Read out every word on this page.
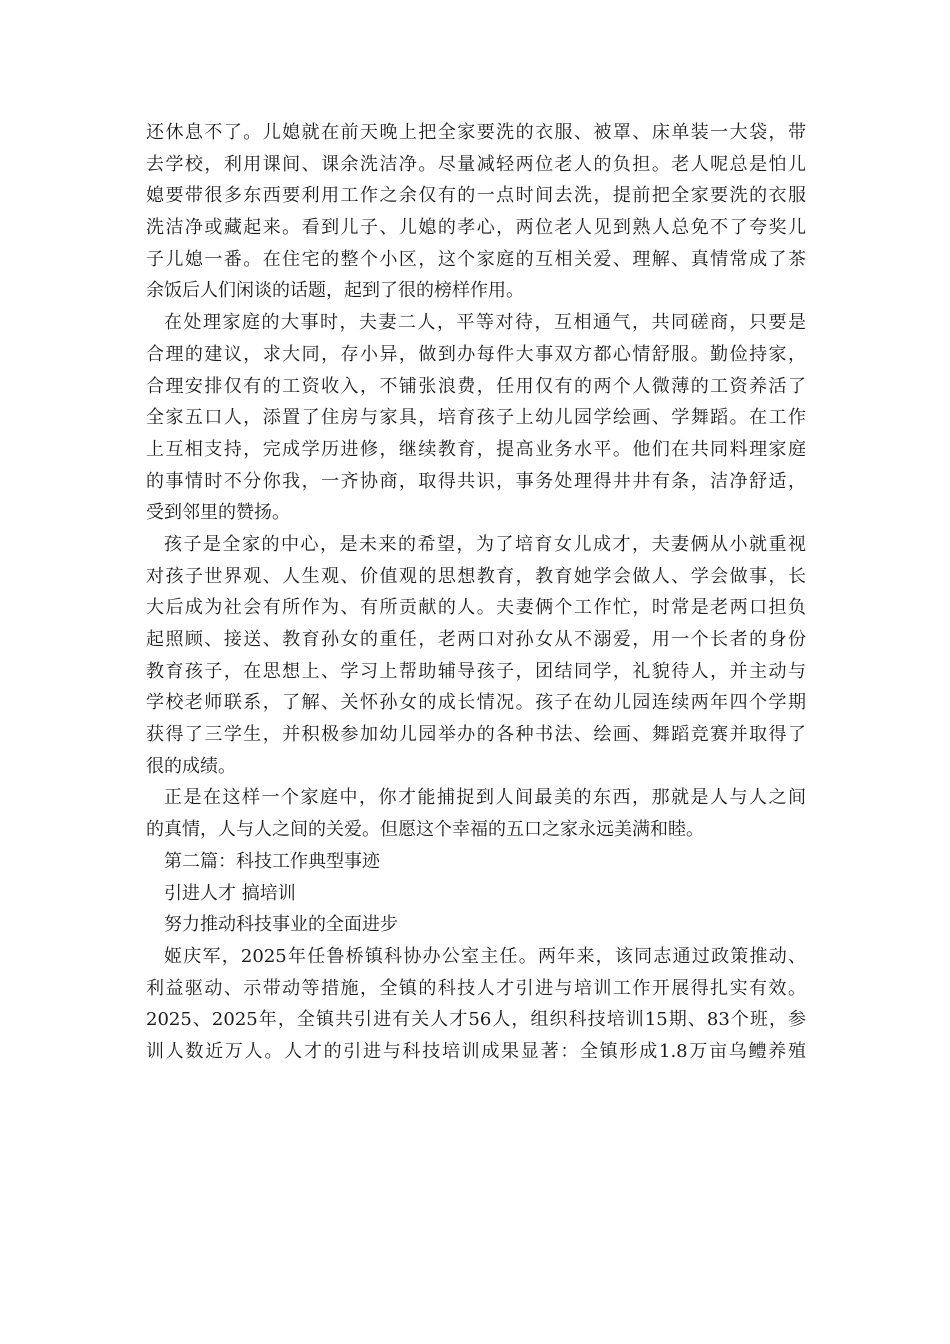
还休息不了。儿媳就在前天晚上把全家要洗的衣服、被罩、床单装一大袋，带
去学校，利用课间、课余洗洁净。尽量减轻两位老人的负担。老人呢总是怕儿
媳要带很多东西要利用工作之余仅有的一点时间去洗，提前把全家要洗的衣服
洗洁净或藏起来。看到儿子、儿媳的孝心，两位老人见到熟人总免不了夸奖儿
子儿媳一番。在住宅的整个小区，这个家庭的互相关爱、理解、真情常成了茶
余饭后人们闲谈的话题，起到了很的榜样作用。
在处理家庭的大事时，夫妻二人，平等对待，互相通气，共同磋商，只要是
合理的建议，求大同，存小异，做到办每件大事双方都心情舒服。勤俭持家，
合理安排仅有的工资收入，不铺张浪费，任用仅有的两个人微薄的工资养活了
全家五口人，添置了住房与家具，培育孩子上幼儿园学绘画、学舞蹈。在工作
上互相支持，完成学历进修，继续教育，提高业务水平。他们在共同料理家庭
的事情时不分你我，一齐协商，取得共识，事务处理得井井有条，洁净舒适，
受到邻里的赞扬。
孩子是全家的中心，是未来的希望，为了培育女儿成才，夫妻俩从小就重视
对孩子世界观、人生观、价值观的思想教育，教育她学会做人、学会做事，长
大后成为社会有所作为、有所贡献的人。夫妻俩个工作忙，时常是老两口担负
起照顾、接送、教育孙女的重任，老两口对孙女从不溺爱，用一个长者的身份
教育孩子，在思想上、学习上帮助辅导孩子，团结同学，礼貌待人，并主动与
学校老师联系，了解、关怀孙女的成长情况。孩子在幼儿园连续两年四个学期
获得了三学生，并积极参加幼儿园举办的各种书法、绘画、舞蹈竞赛并取得了
很的成绩。
正是在这样一个家庭中，你才能捕捉到人间最美的东西，那就是人与人之间
的真情，人与人之间的关爱。但愿这个幸福的五口之家永远美满和睦。
第二篇：科技工作典型事迹
引进人才 搞培训
努力推动科技事业的全面进步
姬庆军，2025年任鲁桥镇科协办公室主任。两年来，该同志通过政策推动、
利益驱动、示带动等措施，全镇的科技人才引进与培训工作开展得扎实有效。
2025、2025年，全镇共引进有关人才56人，组织科技培训15期、83个班，参
训人数近万人。人才的引进与科技培训成果显著：全镇形成1.8万亩乌鳢养殖
